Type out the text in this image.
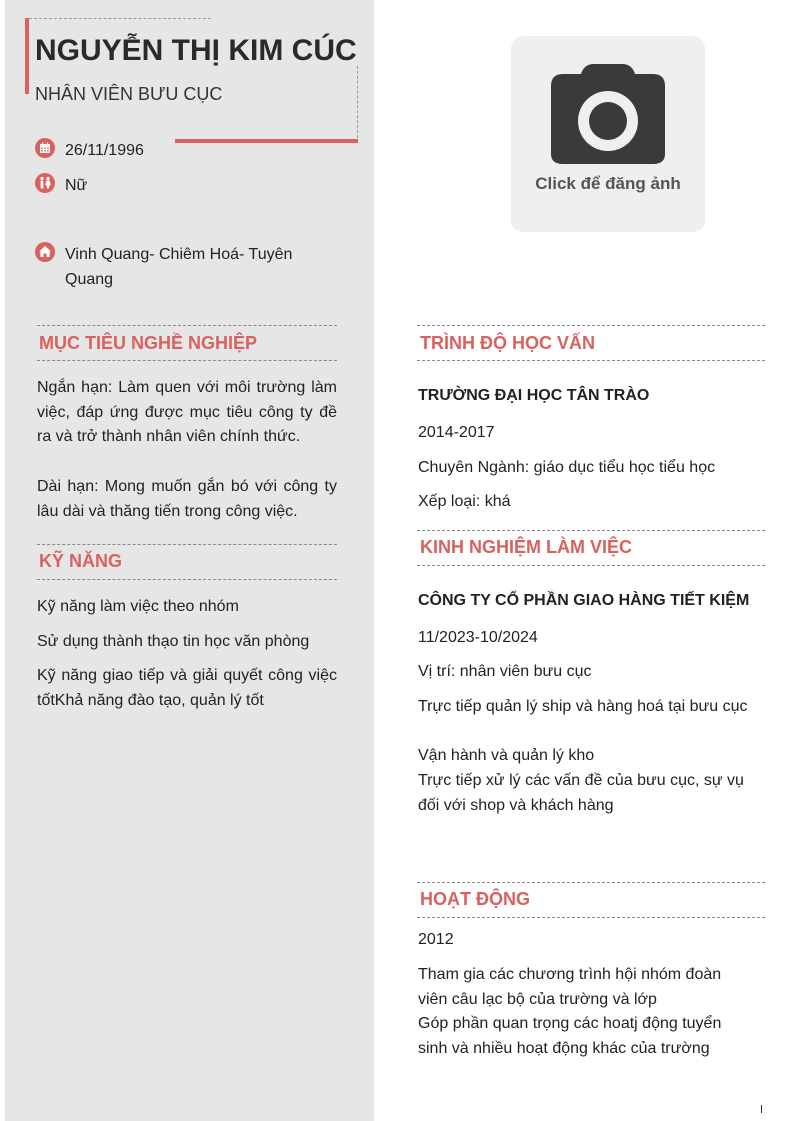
NGUYỄN THỊ KIM CÚC
NHÂN VIÊN BƯU CỤC
26/11/1996
Nữ
Vinh Quang- Chiêm Hoá- Tuyên
Quang
Click để đăng ảnh
MỤC TIÊU NGHỀ NGHIỆP
Ngắn hạn: Làm quen với môi trường làm việc, đáp ứng được mục tiêu công ty đề ra và trở thành nhân viên chính thức.
Dài hạn: Mong muốn gắn bó với công ty lâu dài và thăng tiến trong công việc.
KỸ NĂNG
Kỹ năng làm việc theo nhóm
Sử dụng thành thạo tin học văn phòng
Kỹ năng giao tiếp và giải quyết công việc tốtKhả năng đào tạo, quản lý tốt
TRÌNH ĐỘ HỌC VẤN
TRƯỜNG ĐẠI HỌC TÂN TRÀO
2014-2017
Chuyên Ngành: giáo dục tiểu học tiểu học
Xếp loại: khá
KINH NGHIỆM LÀM VIỆC
CÔNG TY CỔ PHẦN GIAO HÀNG TIẾT KIỆM
11/2023-10/2024
Vị trí: nhân viên bưu cục
Trực tiếp quản lý ship và hàng hoá tại bưu cục
Vận hành và quản lý kho
Trực tiếp xử lý các vấn đề của bưu cục, sự vụ đối với shop và khách hàng
HOẠT ĐỘNG
2012
Tham gia các chương trình hội nhóm đoàn viên câu lạc bộ của trường và lớp
Góp phần quan trọng các hoatj động tuyển sinh và nhiều hoạt động khác của trường
